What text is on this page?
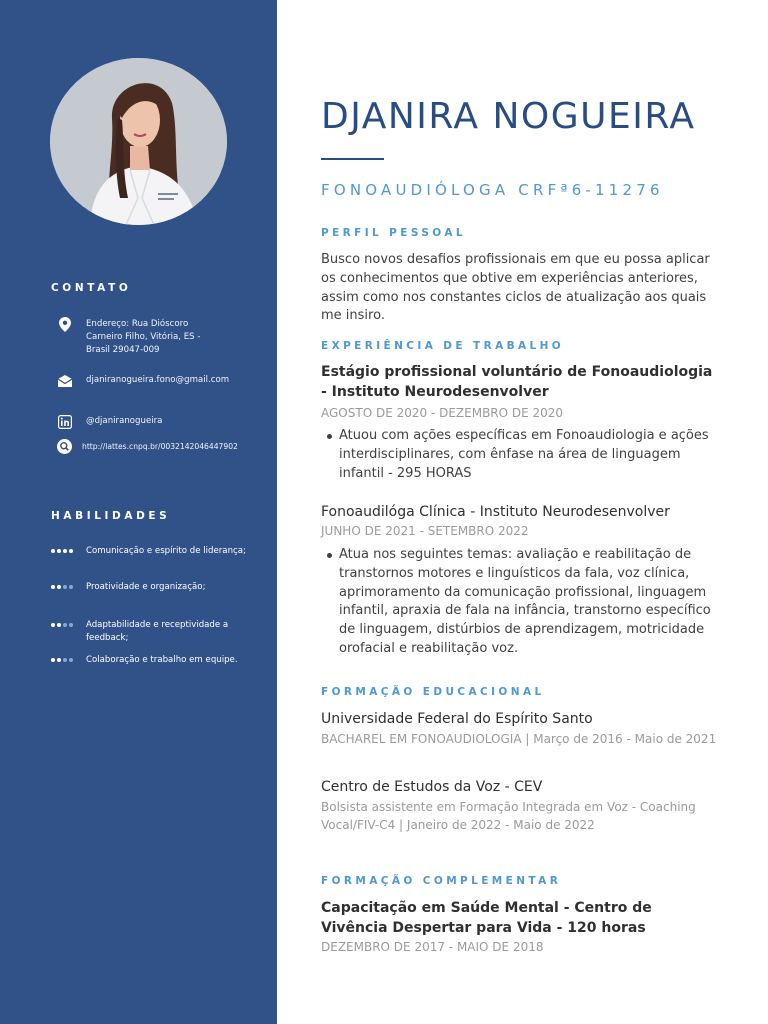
CONTATO
Endereço: Rua Dióscoro
Carneiro Filho, Vitória, ES -
Brasil 29047-009
djaniranogueira.fono@gmail.com
@djaniranogueira
http://lattes.cnpq.br/0032142046447902
HABILIDADES
Comunicação e espírito de liderança;
Proatividade e organização;
Adaptabilidade e receptividade a feedback;
Colaboração e trabalho em equipe.
DJANIRA NOGUEIRA
FONOAUDIÓLOGA CRFª6-11276
PERFIL PESSOAL
Busco novos desafios profissionais em que eu possa aplicar os conhecimentos que obtive em experiências anteriores, assim como nos constantes ciclos de atualização aos quais me insiro.
EXPERIÊNCIA DE TRABALHO
Estágio profissional voluntário de Fonoaudiologia - Instituto Neurodesenvolver
AGOSTO DE 2020 - DEZEMBRO DE 2020
Atuou com ações específicas em Fonoaudiologia e ações interdisciplinares, com ênfase na área de linguagem infantil - 295 HORAS
Fonoaudilóga Clínica - Instituto Neurodesenvolver
JUNHO DE 2021 - SETEMBRO 2022
Atua nos seguintes temas: avaliação e reabilitação de transtornos motores e linguísticos da fala, voz clínica, aprimoramento da comunicação profissional, linguagem infantil, apraxia de fala na infância, transtorno específico de linguagem, distúrbios de aprendizagem, motricidade orofacial e reabilitação voz.
FORMAÇÃO EDUCACIONAL
Universidade Federal do Espírito Santo
BACHAREL EM FONOAUDIOLOGIA | Março de 2016 - Maio de 2021
Centro de Estudos da Voz - CEV
Bolsista assistente em Formação Integrada em Voz - Coaching Vocal/FIV-C4 | Janeiro de 2022 - Maio de 2022
FORMAÇÃO COMPLEMENTAR
Capacitação em Saúde Mental - Centro de Vivência Despertar para Vida - 120 horas
DEZEMBRO DE 2017 - MAIO DE 2018
